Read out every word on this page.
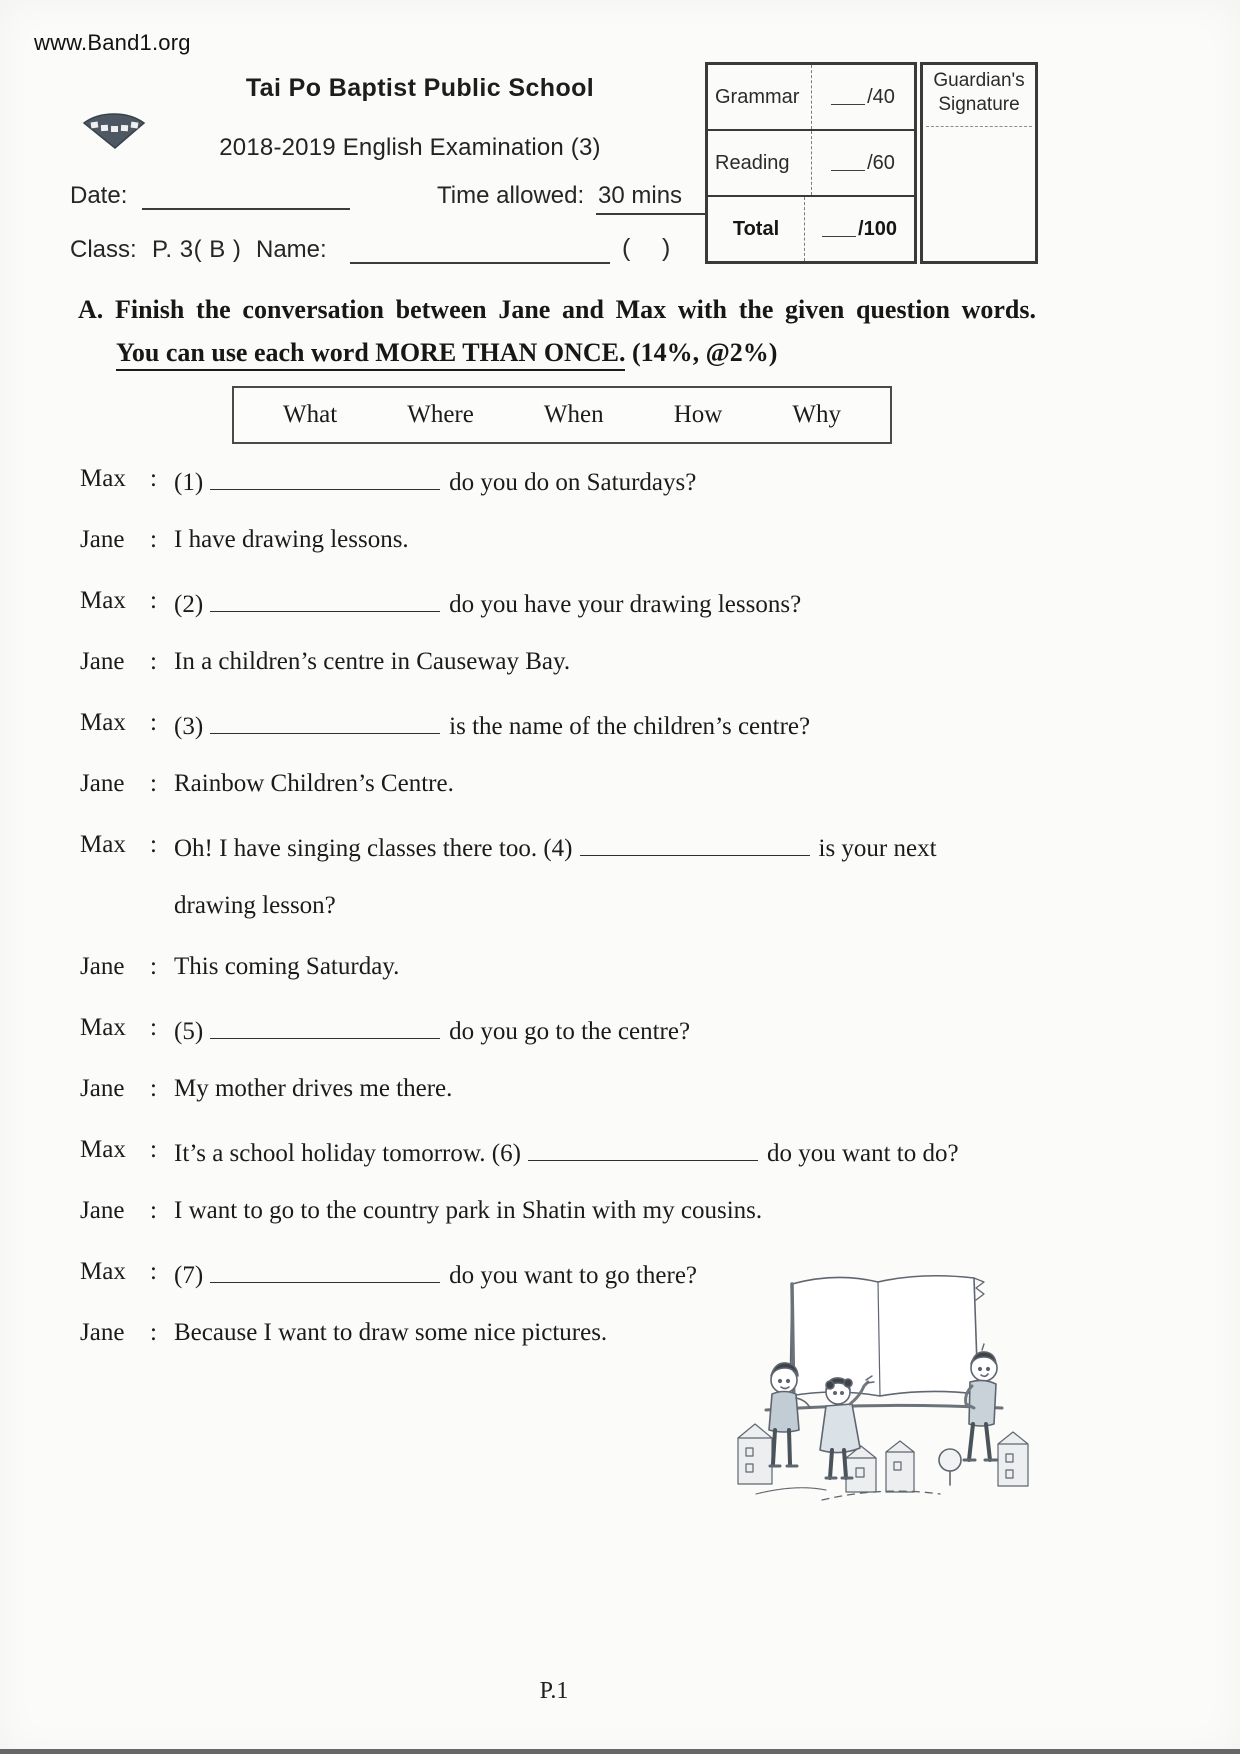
www.Band1.org
Tai Po Baptist Public School
2018-2019 English Examination (3)
Date:	Time allowed: 30 mins
Class: P. 3( B ) Name:	( )
Grammar	/40
Reading	/60
Total	/100
Guardian's
Signature
A. Finish the conversation between Jane and Max with the given question words.
You can use each word MORE THAN ONCE. (14%, @2%)
What	Where	When	How	Why
Max : (1)	do you do on Saturdays?
Jane	: I have drawing lessons.
Max : (2)	do you have your drawing lessons?
Jane	: In a children’s centre in Causeway Bay.
Max : (3)	is the name of the children’s centre?
Jane	: Rainbow Children’s Centre.
Max : Oh! I have singing classes there too. (4)	is your next
drawing lesson?
Jane	: This coming Saturday.
Max : (5)	do you go to the centre?
Jane	: My mother drives me there.
Max : It’s a school holiday tomorrow. (6)	do you want to do?
Jane	: I want to go to the country park in Shatin with my cousins.
Max : (7)	do you want to go there?
Jane	: Because I want to draw some nice pictures.
P.1
